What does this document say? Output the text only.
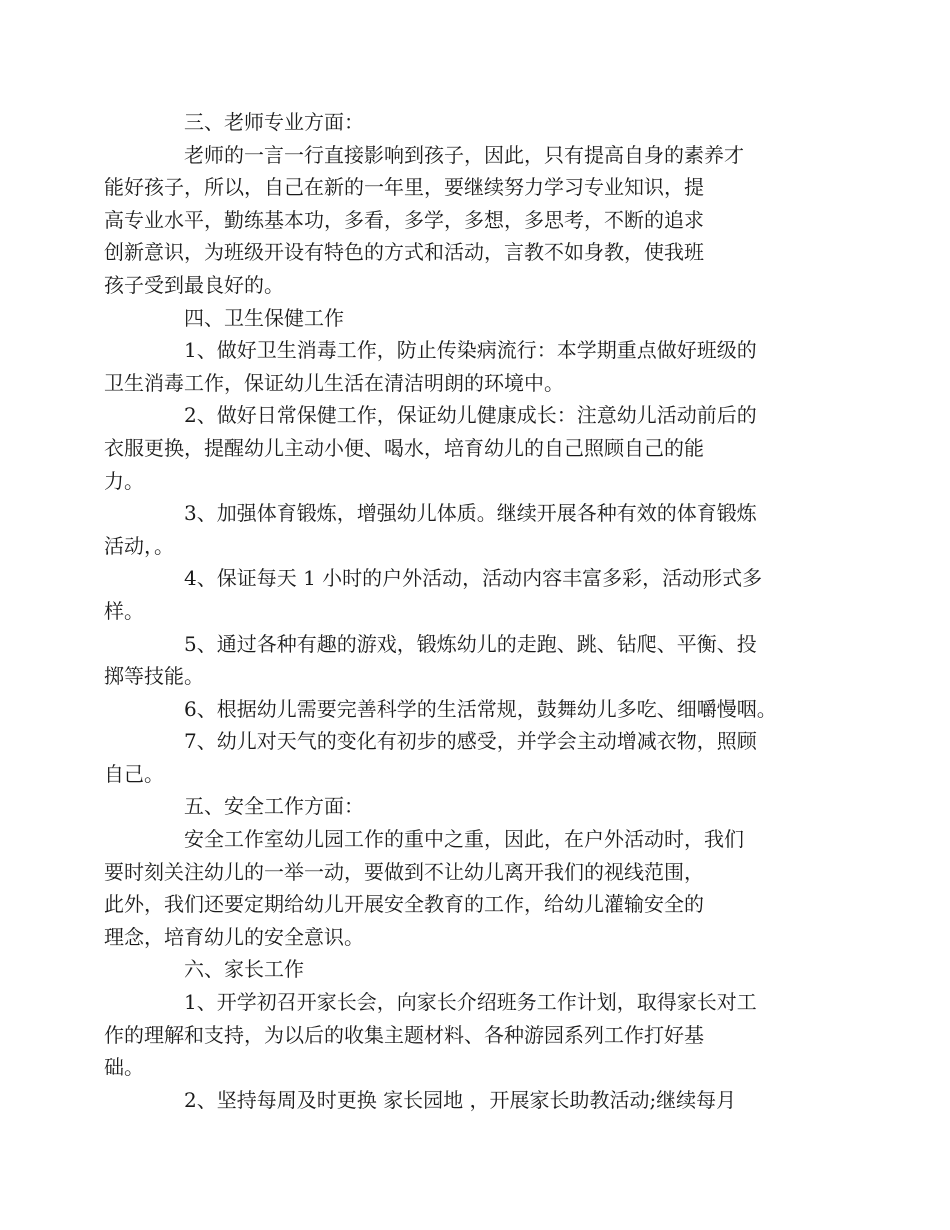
三、老师专业方面：
老师的一言一行直接影响到孩子，因此，只有提高自身的素养才
能好孩子，所以，自己在新的一年里，要继续努力学习专业知识，提
高专业水平，勤练基本功，多看，多学，多想，多思考，不断的追求
创新意识，为班级开设有特色的方式和活动，言教不如身教，使我班
孩子受到最良好的。
四、卫生保健工作
1、做好卫生消毒工作，防止传染病流行：本学期重点做好班级的
卫生消毒工作，保证幼儿生活在清洁明朗的环境中。
2、做好日常保健工作，保证幼儿健康成长：注意幼儿活动前后的
衣服更换，提醒幼儿主动小便、喝水，培育幼儿的自己照顾自己的能
力。
3、加强体育锻炼，增强幼儿体质。继续开展各种有效的体育锻炼
活动，。
4、保证每天 1 小时的户外活动，活动内容丰富多彩，活动形式多
样。
5、通过各种有趣的游戏，锻炼幼儿的走跑、跳、钻爬、平衡、投
掷等技能。
6、根据幼儿需要完善科学的生活常规，鼓舞幼儿多吃、细嚼慢咽。
7、幼儿对天气的变化有初步的感受，并学会主动增减衣物，照顾
自己。
五、安全工作方面：
安全工作室幼儿园工作的重中之重，因此，在户外活动时，我们
要时刻关注幼儿的一举一动，要做到不让幼儿离开我们的视线范围，
此外，我们还要定期给幼儿开展安全教育的工作，给幼儿灌输安全的
理念，培育幼儿的安全意识。
六、家长工作
1、开学初召开家长会，向家长介绍班务工作计划，取得家长对工
作的理解和支持，为以后的收集主题材料、各种游园系列工作打好基
础。
2、坚持每周及时更换 家长园地 ，开展家长助教活动;继续每月
